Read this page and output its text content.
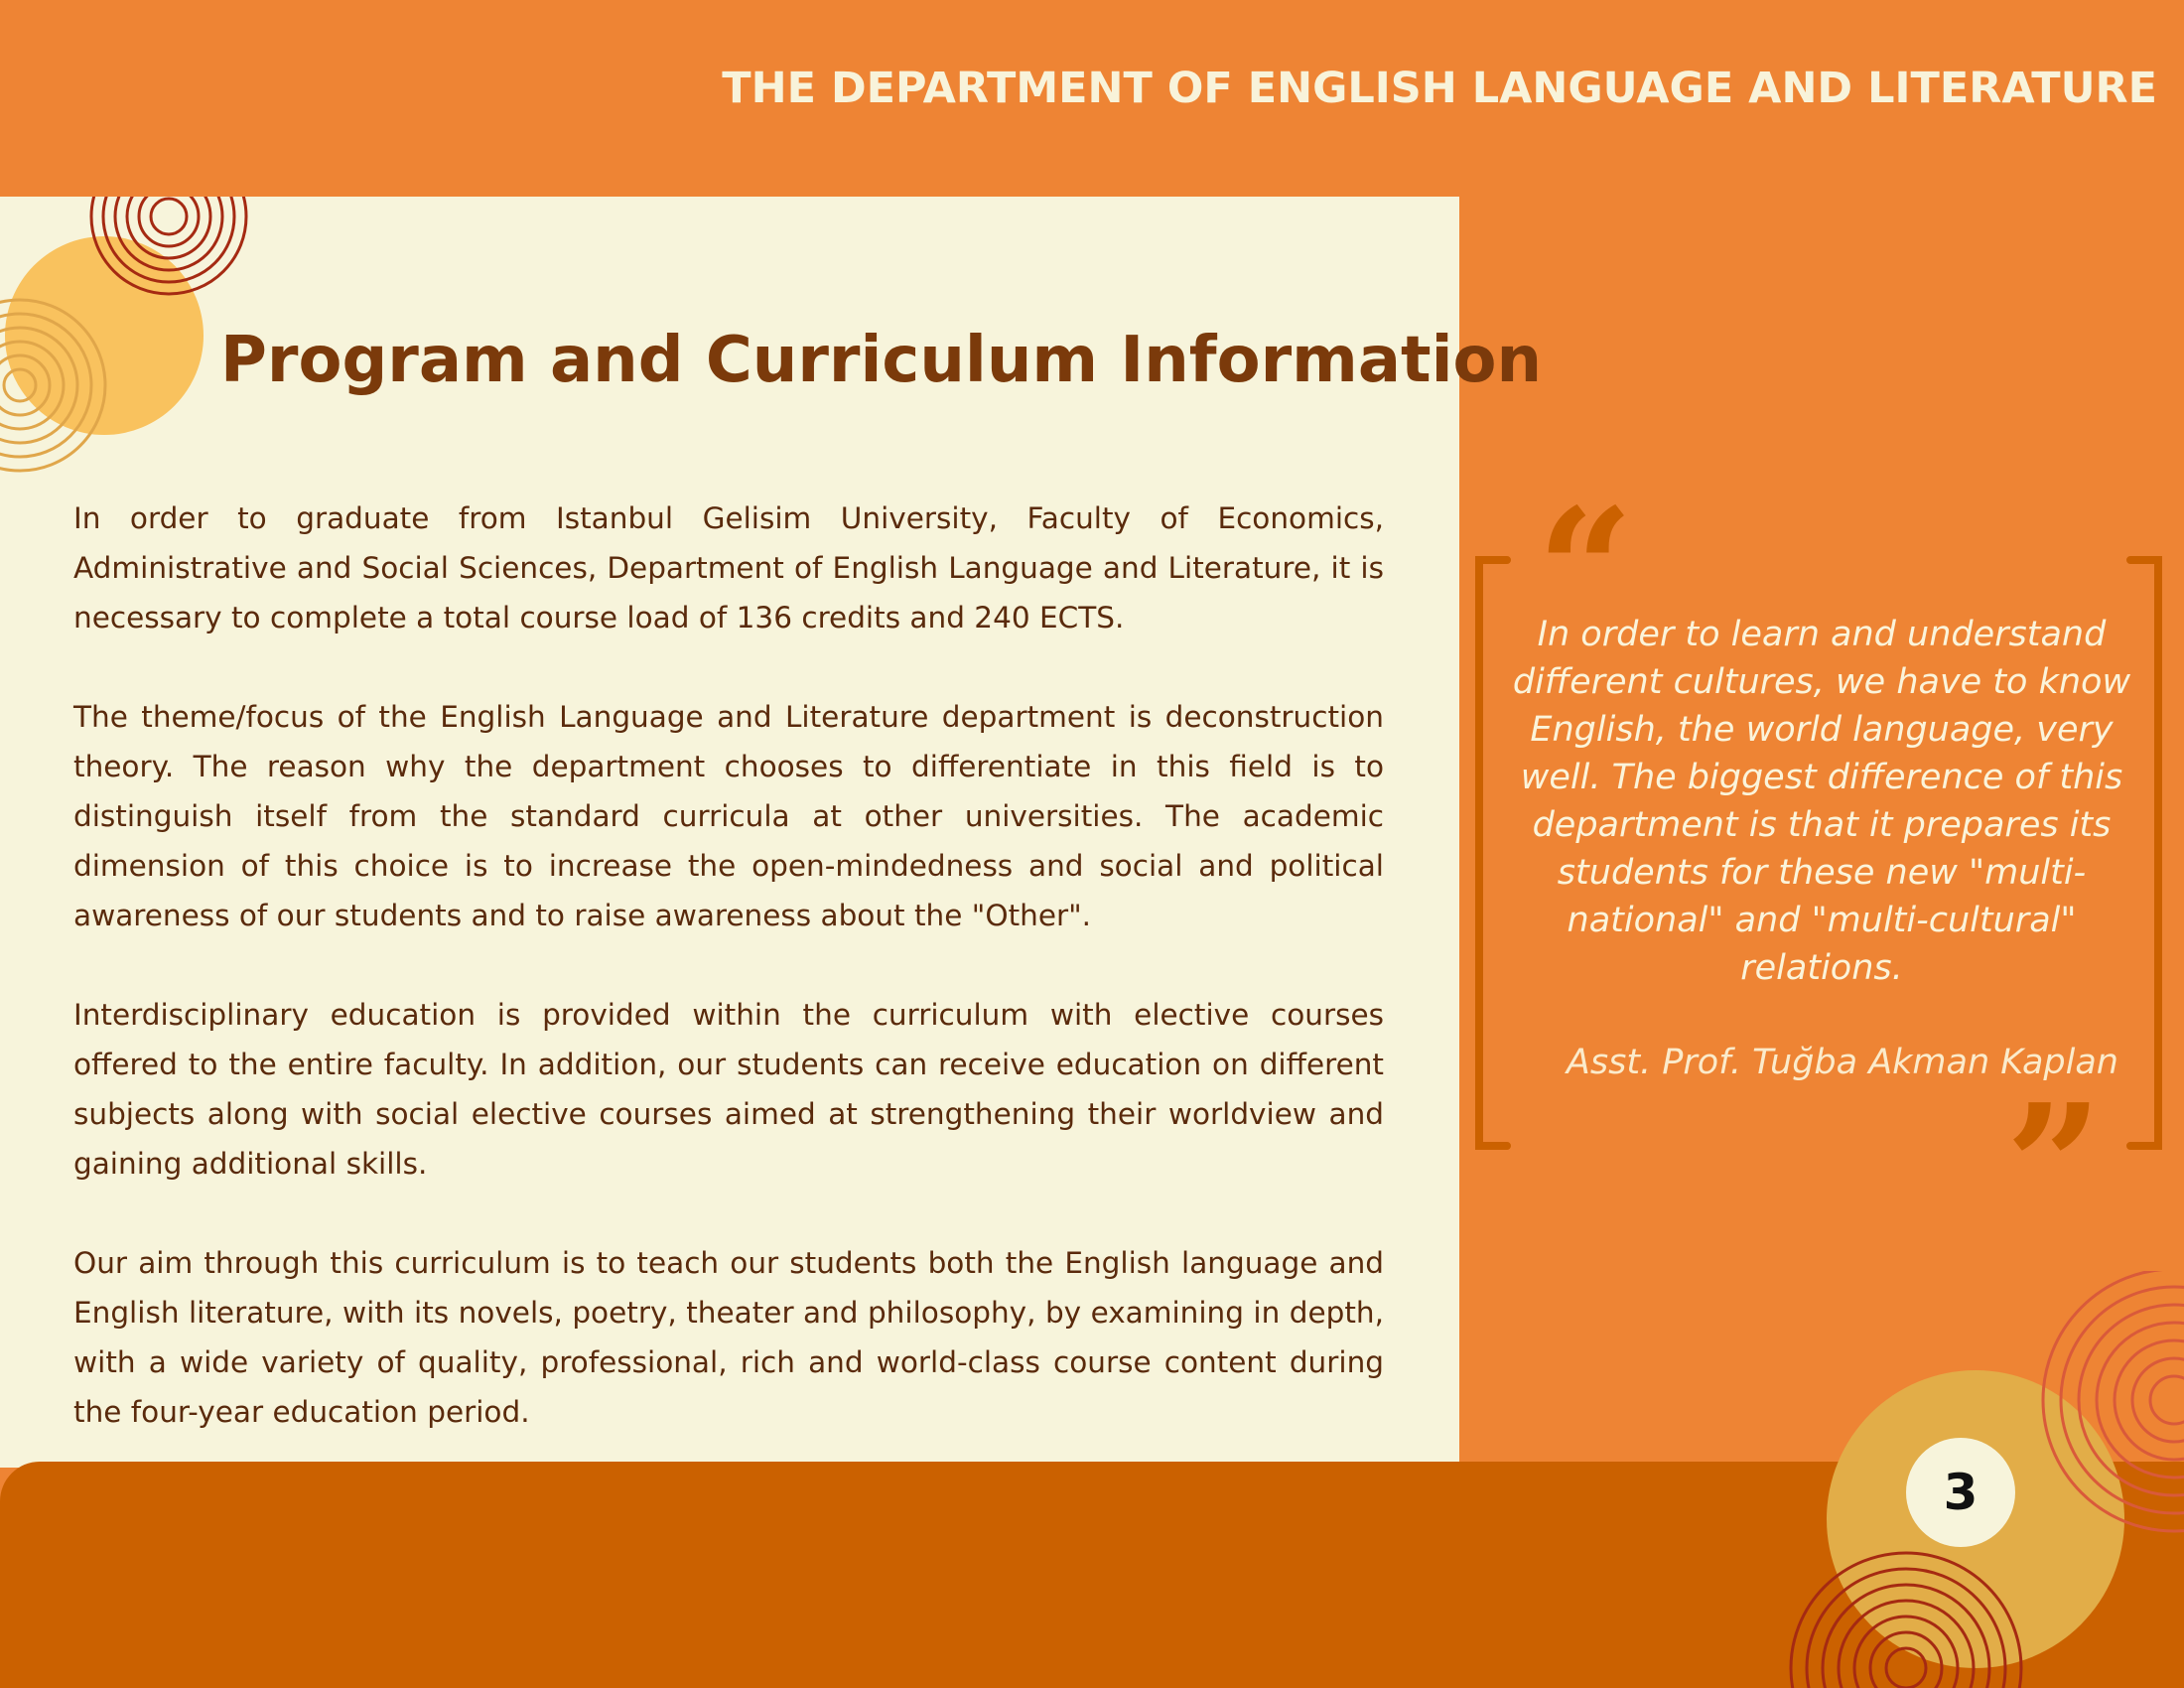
THE DEPARTMENT OF ENGLISH LANGUAGE AND LITERATURE
Program and Curriculum Information

In order to graduate from Istanbul Gelisim University, Faculty of Economics, Administrative and Social Sciences, Department of English Language and Literature, it is necessary to complete a total course load of 136 credits and 240 ECTS.

The theme/focus of the English Language and Literature department is deconstruction theory. The reason why the department chooses to differentiate in this field is to distinguish itself from the standard curricula at other universities. The academic dimension of this choice is to increase the open-mindedness and social and political awareness of our students and to raise awareness about the "Other".

Interdisciplinary education is provided within the curriculum with elective courses offered to the entire faculty. In addition, our students can receive education on different subjects along with social elective courses aimed at strengthening their worldview and gaining additional skills.

Our aim through this curriculum is to teach our students both the English language and English literature, with its novels, poetry, theater and philosophy, by examining in depth, with a wide variety of quality, professional, rich and world-class course content during the four-year education period.

“
”
In order to learn and understand different cultures, we have to know English, the world language, very well. The biggest difference of this department is that it prepares its students for these new "multi-national" and "multi-cultural" relations.
Asst. Prof. Tuğba Akman Kaplan
3
